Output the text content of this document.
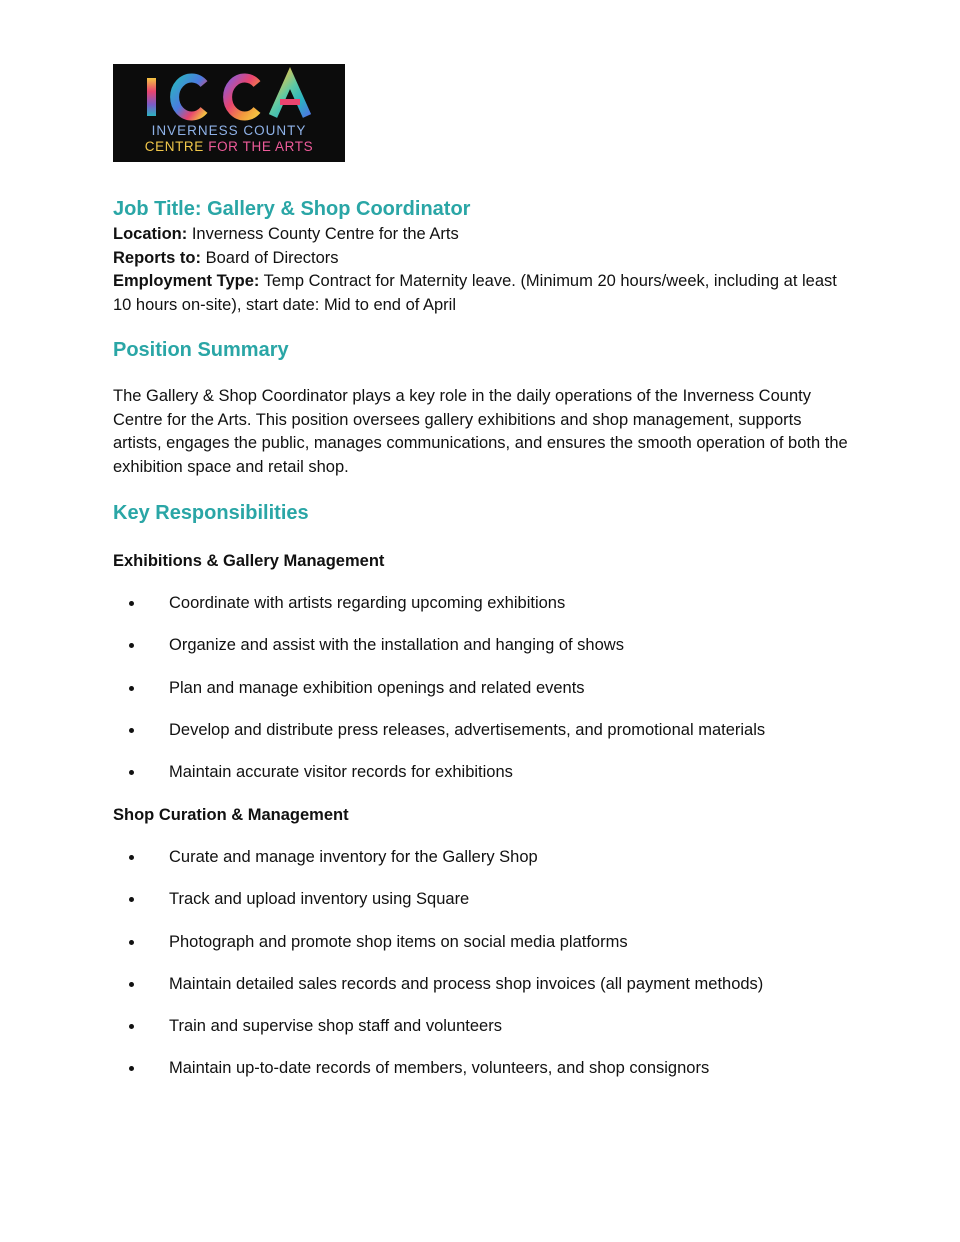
INVERNESS COUNTY
CENTRE FOR THE ARTS
Job Title: Gallery & Shop Coordinator
Location: Inverness County Centre for the Arts
Reports to: Board of Directors
Employment Type: Temp Contract for Maternity leave. (Minimum 20 hours/week, including at least 10 hours on-site), start date: Mid to end of April
Position Summary

The Gallery & Shop Coordinator plays a key role in the daily operations of the Inverness County Centre for the Arts. This position oversees gallery exhibitions and shop management, supports artists, engages the public, manages communications, and ensures the smooth operation of both the exhibition space and retail shop.

Key Responsibilities
Exhibitions & Gallery Management
Coordinate with artists regarding upcoming exhibitions
Organize and assist with the installation and hanging of shows
Plan and manage exhibition openings and related events
Develop and distribute press releases, advertisements, and promotional materials
Maintain accurate visitor records for exhibitions
Shop Curation & Management
Curate and manage inventory for the Gallery Shop
Track and upload inventory using Square
Photograph and promote shop items on social media platforms
Maintain detailed sales records and process shop invoices (all payment methods)
Train and supervise shop staff and volunteers
Maintain up-to-date records of members, volunteers, and shop consignors
